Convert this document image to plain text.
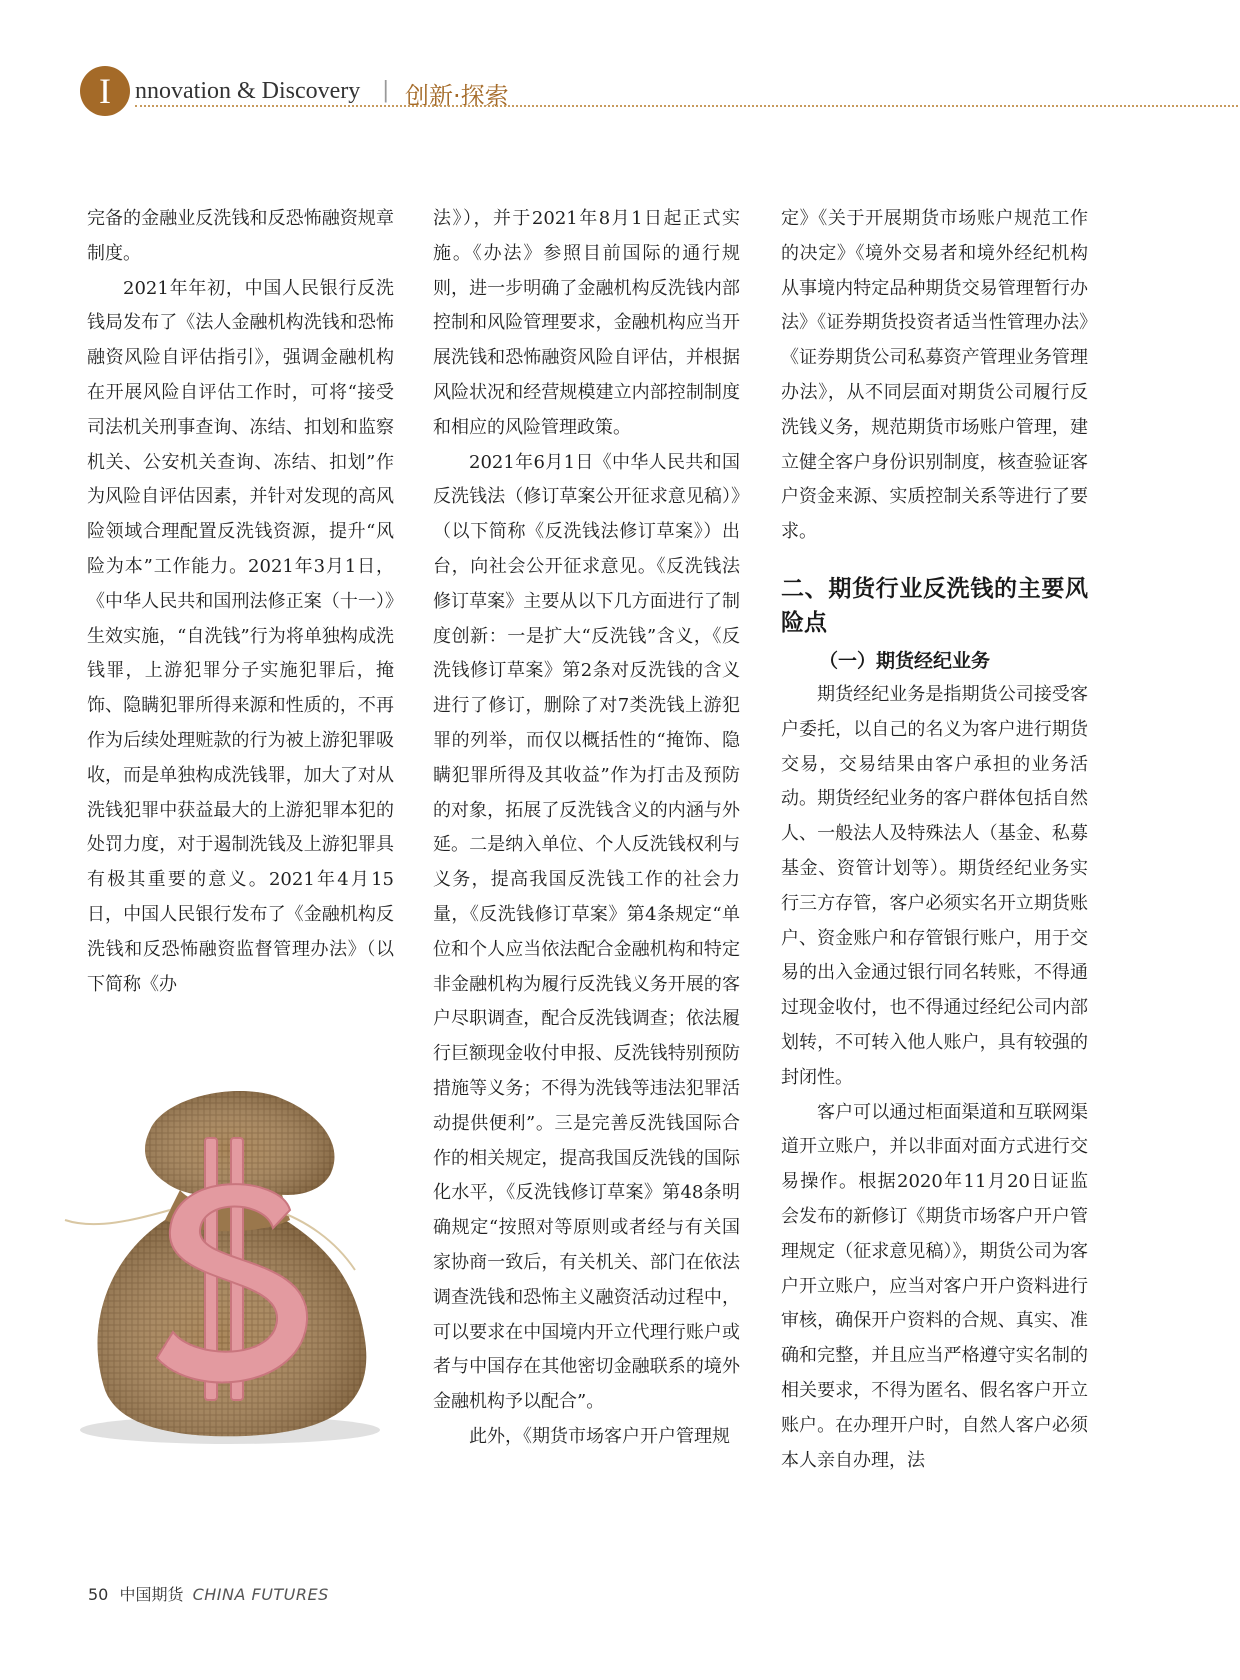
I	nnovation & Discovery | 创新·探索

完备的金融业反洗钱和反恐怖融资规章制度。

2021年年初，中国人民银行反洗钱局发布了《法人金融机构洗钱和恐怖融资风险自评估指引》，强调金融机构在开展风险自评估工作时，可将“接受司法机关刑事查询、冻结、扣划和监察机关、公安机关查询、冻结、扣划”作为风险自评估因素，并针对发现的高风险领域合理配置反洗钱资源，提升“风险为本”工作能力。2021年3月1日，《中华人民共和国刑法修正案（十一）》生效实施，“自洗钱”行为将单独构成洗钱罪，上游犯罪分子实施犯罪后，掩饰、隐瞒犯罪所得来源和性质的，不再作为后续处理赃款的行为被上游犯罪吸收，而是单独构成洗钱罪，加大了对从洗钱犯罪中获益最大的上游犯罪本犯的处罚力度，对于遏制洗钱及上游犯罪具有极其重要的意义。2021年4月15日，中国人民银行发布了《金融机构反洗钱和反恐怖融资监督管理办法》（以下简称《办

法》），并于2021年8月1日起正式实施。《办法》参照目前国际的通行规则，进一步明确了金融机构反洗钱内部控制和风险管理要求，金融机构应当开展洗钱和恐怖融资风险自评估，并根据风险状况和经营规模建立内部控制制度和相应的风险管理政策。

2021年6月1日《中华人民共和国反洗钱法（修订草案公开征求意见稿）》（以下简称《反洗钱法修订草案》）出台，向社会公开征求意见。《反洗钱法修订草案》主要从以下几方面进行了制度创新：一是扩大“反洗钱”含义，《反洗钱修订草案》第2条对反洗钱的含义进行了修订，删除了对7类洗钱上游犯罪的列举，而仅以概括性的“掩饰、隐瞒犯罪所得及其收益”作为打击及预防的对象，拓展了反洗钱含义的内涵与外延。二是纳入单位、个人反洗钱权利与义务，提高我国反洗钱工作的社会力量，《反洗钱修订草案》第4条规定“单位和个人应当依法配合金融机构和特定非金融机构为履行反洗钱义务开展的客户尽职调查，配合反洗钱调查；依法履行巨额现金收付申报、反洗钱特别预防措施等义务；不得为洗钱等违法犯罪活动提供便利”。三是完善反洗钱国际合作的相关规定，提高我国反洗钱的国际化水平，《反洗钱修订草案》第48条明确规定“按照对等原则或者经与有关国家协商一致后，有关机关、部门在依法调查洗钱和恐怖主义融资活动过程中，可以要求在中国境内开立代理行账户或者与中国存在其他密切金融联系的境外金融机构予以配合”。

此外，《期货市场客户开户管理规

定》《关于开展期货市场账户规范工作的决定》《境外交易者和境外经纪机构从事境内特定品种期货交易管理暂行办法》《证券期货投资者适当性管理办法》《证券期货公司私募资产管理业务管理办法》，从不同层面对期货公司履行反洗钱义务，规范期货市场账户管理，建立健全客户身份识别制度，核查验证客户资金来源、实质控制关系等进行了要求。

二、期货行业反洗钱的主要风险点
（一）期货经纪业务

期货经纪业务是指期货公司接受客户委托，以自己的名义为客户进行期货交易，交易结果由客户承担的业务活动。期货经纪业务的客户群体包括自然人、一般法人及特殊法人（基金、私募基金、资管计划等）。期货经纪业务实行三方存管，客户必须实名开立期货账户、资金账户和存管银行账户，用于交易的出入金通过银行同名转账，不得通过现金收付，也不得通过经纪公司内部划转，不可转入他人账户，具有较强的封闭性。

客户可以通过柜面渠道和互联网渠道开立账户，并以非面对面方式进行交易操作。根据2020年11月20日证监会发布的新修订《期货市场客户开户管理规定（征求意见稿）》，期货公司为客户开立账户，应当对客户开户资料进行审核，确保开户资料的合规、真实、准确和完整，并且应当严格遵守实名制的相关要求，不得为匿名、假名客户开立账户。在办理开户时，自然人客户必须本人亲自办理，法

50 中国期货 CHINA FUTURES
